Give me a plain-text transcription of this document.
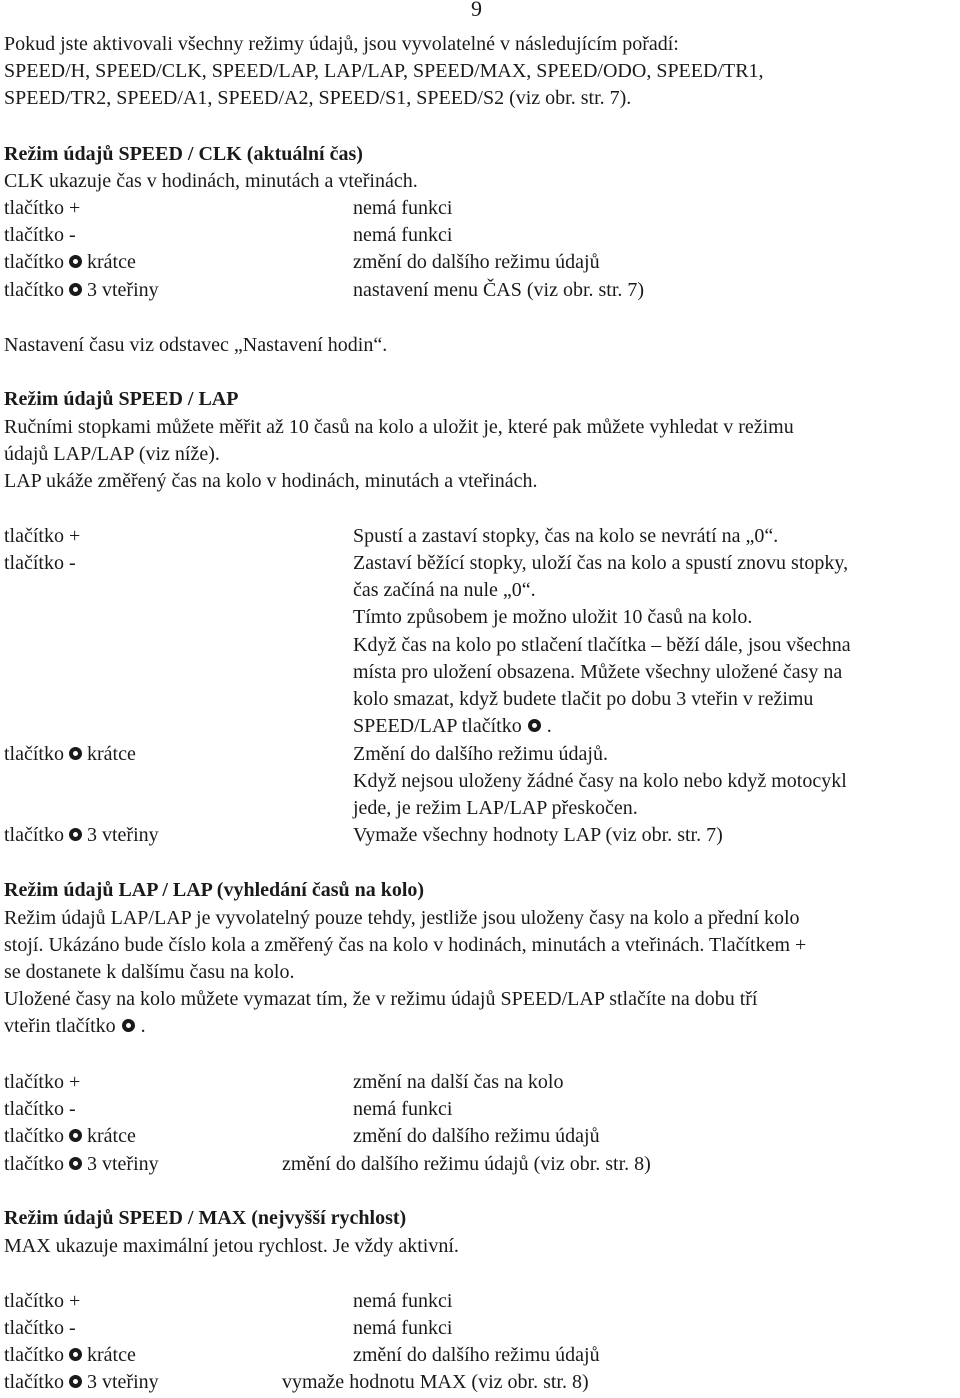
9
Pokud jste aktivovali všechny režimy údajů, jsou vyvolatelné v následujícím pořadí:
SPEED/H, SPEED/CLK, SPEED/LAP, LAP/LAP, SPEED/MAX, SPEED/ODO, SPEED/TR1,
SPEED/TR2, SPEED/A1, SPEED/A2, SPEED/S1, SPEED/S2 (viz obr. str. 7).
Režim údajů SPEED / CLK (aktuální čas)
CLK ukazuje čas v hodinách, minutách a vteřinách.
tlačítko +	nemá funkci
tlačítko -	nemá funkci
tlačítko krátce	změní do dalšího režimu údajů
tlačítko 3 vteřiny	nastavení menu ČAS (viz obr. str. 7)
Nastavení času viz odstavec „Nastavení hodin“.
Režim údajů SPEED / LAP
Ručními stopkami můžete měřit až 10 časů na kolo a uložit je, které pak můžete vyhledat v režimu
údajů LAP/LAP (viz níže).
LAP ukáže změřený čas na kolo v hodinách, minutách a vteřinách.
tlačítko +	Spustí a zastaví stopky, čas na kolo se nevrátí na „0“.
tlačítko -	Zastaví běžící stopky, uloží čas na kolo a spustí znovu stopky,
čas začíná na nule „0“.
Tímto způsobem je možno uložit 10 časů na kolo.
Když čas na kolo po stlačení tlačítka – běží dále, jsou všechna
místa pro uložení obsazena. Můžete všechny uložené časy na
kolo smazat, když budete tlačit po dobu 3 vteřin v režimu
SPEED/LAP tlačítko .
tlačítko krátce	Změní do dalšího režimu údajů.
Když nejsou uloženy žádné časy na kolo nebo když motocykl
jede, je režim LAP/LAP přeskočen.
tlačítko 3 vteřiny	Vymaže všechny hodnoty LAP (viz obr. str. 7)
Režim údajů LAP / LAP (vyhledání časů na kolo)
Režim údajů LAP/LAP je vyvolatelný pouze tehdy, jestliže jsou uloženy časy na kolo a přední kolo
stojí. Ukázáno bude číslo kola a změřený čas na kolo v hodinách, minutách a vteřinách. Tlačítkem +
se dostanete k dalšímu času na kolo.
Uložené časy na kolo můžete vymazat tím, že v režimu údajů SPEED/LAP stlačíte na dobu tří
vteřin tlačítko .
tlačítko +	změní na další čas na kolo
tlačítko -	nemá funkci
tlačítko krátce	změní do dalšího režimu údajů
tlačítko 3 vteřiny	změní do dalšího režimu údajů (viz obr. str. 8)
Režim údajů SPEED / MAX (nejvyšší rychlost)
MAX ukazuje maximální jetou rychlost. Je vždy aktivní.
tlačítko +	nemá funkci
tlačítko -	nemá funkci
tlačítko krátce	změní do dalšího režimu údajů
tlačítko 3 vteřiny	vymaže hodnotu MAX (viz obr. str. 8)
